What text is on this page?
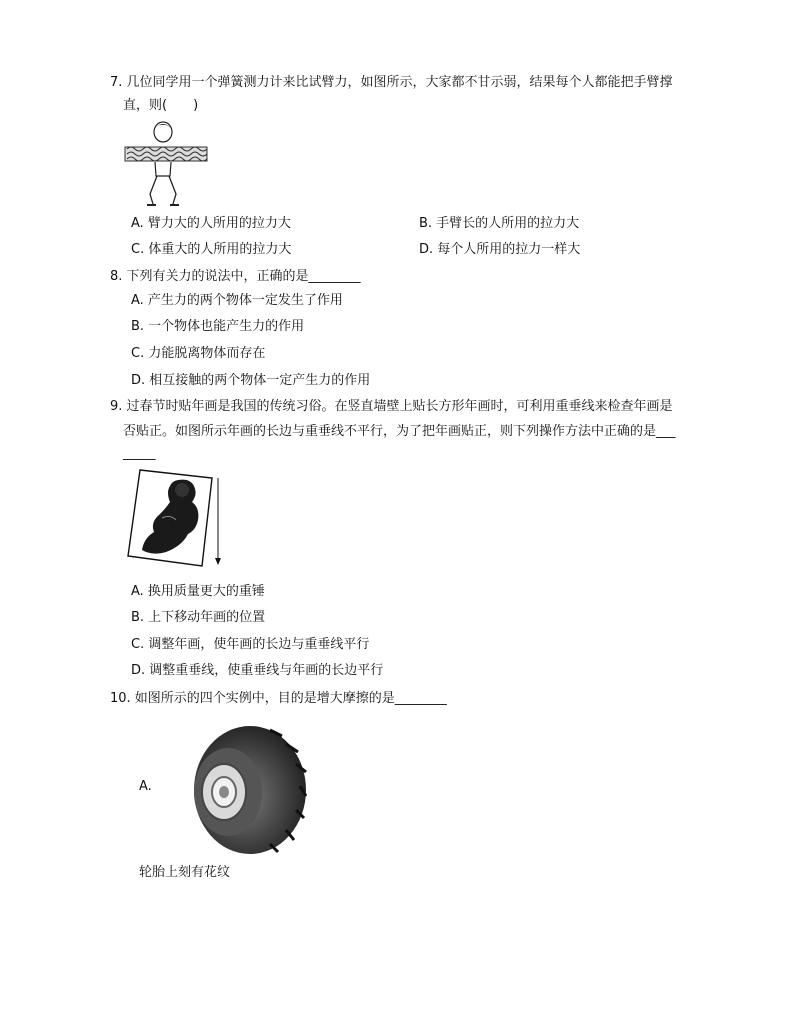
7. 几位同学用一个弹簧测力计来比试臂力，如图所示，大家都不甘示弱，结果每个人都能把手臂撑
直，则(　　)
A. 臂力大的人所用的拉力大	B. 手臂长的人所用的拉力大
C. 体重大的人所用的拉力大	D. 每个人所用的拉力一样大
8. 下列有关力的说法中，正确的是________
A. 产生力的两个物体一定发生了作用
B. 一个物体也能产生力的作用
C. 力能脱离物体而存在
D. 相互接触的两个物体一定产生力的作用
9. 过春节时贴年画是我国的传统习俗。在竖直墙壁上贴长方形年画时，可利用重垂线来检查年画是
否贴正。如图所示年画的长边与重垂线不平行，为了把年画贴正，则下列操作方法中正确的是___
_____
A. 换用质量更大的重锤
B. 上下移动年画的位置
C. 调整年画，使年画的长边与重垂线平行
D. 调整重垂线，使重垂线与年画的长边平行
10. 如图所示的四个实例中，目的是增大摩擦的是________
A.
轮胎上刻有花纹
